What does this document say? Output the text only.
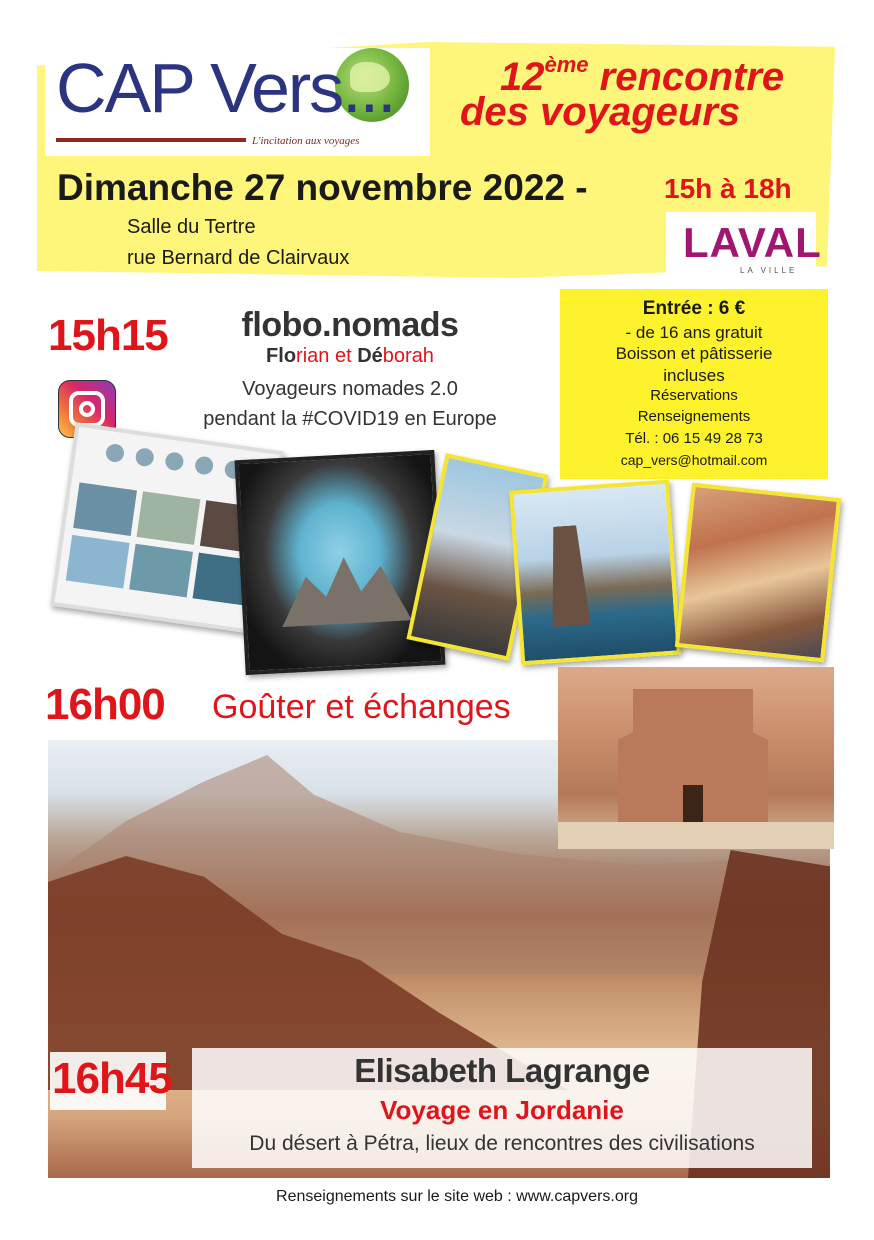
CAP Vers...
L'incitation aux voyages
12ème rencontre
des voyageurs
Dimanche 27 novembre 2022 -	15h à 18h
Salle du Tertre
rue Bernard de Clairvaux	LAVAL
LA VILLE
15h15	flobo.nomads
Florian et Déborah
Voyageurs nomades 2.0
pendant la #COVID19 en Europe
Entrée : 6 €
- de 16 ans gratuit
Boisson et pâtisserie
incluses
Réservations
Renseignements
Tél. : 06 15 49 28 73
cap_vers@hotmail.com
16h00 Goûter et échanges
16h45	Elisabeth Lagrange
Voyage en Jordanie
Du désert à Pétra, lieux de rencontres des civilisations
Renseignements sur le site web : www.capvers.org
